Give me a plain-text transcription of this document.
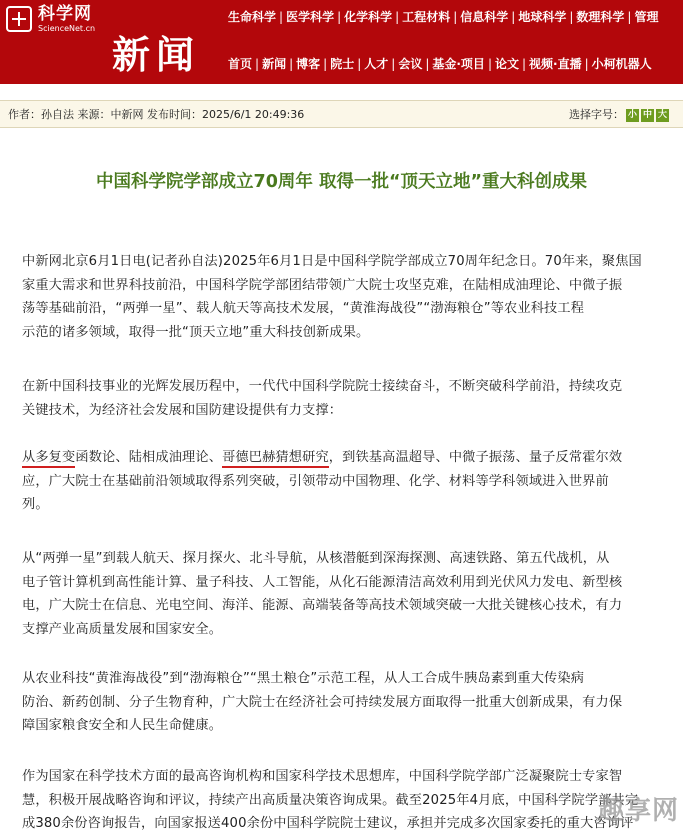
科学网
ScienceNet.cn
新闻
生命科学 | 医学科学 | 化学科学 | 工程材料 | 信息科学 | 地球科学 | 数理科学 | 管理
首页 | 新闻 | 博客 | 院士 | 人才 | 会议 | 基金·项目 | 论文 | 视频·直播 | 小柯机器人
作者：孙自法 来源：中新网 发布时间：2025/6/1 20:49:36	选择字号： 小 中 大
中国科学院学部成立70周年 取得一批“顶天立地”重大科创成果
中新网北京6月1日电(记者孙自法)2025年6月1日是中国科学院学部成立70周年纪念日。70年来，聚焦国
家重大需求和世界科技前沿，中国科学院学部团结带领广大院士攻坚克难，在陆相成油理论、中微子振
荡等基础前沿，“两弹一星”、载人航天等高技术发展，“黄淮海战役”“渤海粮仓”等农业科技工程
示范的诸多领域，取得一批“顶天立地”重大科技创新成果。
在新中国科技事业的光辉发展历程中，一代代中国科学院院士接续奋斗，不断突破科学前沿，持续攻克
关键技术，为经济社会发展和国防建设提供有力支撑：
从多复变函数论、陆相成油理论、哥德巴赫猜想研究，到铁基高温超导、中微子振荡、量子反常霍尔效
应，广大院士在基础前沿领域取得系列突破，引领带动中国物理、化学、材料等学科领域进入世界前
列。
从“两弹一星”到载人航天、探月探火、北斗导航，从核潜艇到深海探测、高速铁路、第五代战机，从
电子管计算机到高性能计算、量子科技、人工智能，从化石能源清洁高效利用到光伏风力发电、新型核
电，广大院士在信息、光电空间、海洋、能源、高端装备等高技术领域突破一大批关键核心技术，有力
支撑产业高质量发展和国家安全。
从农业科技“黄淮海战役”到“渤海粮仓”“黑土粮仓”示范工程，从人工合成牛胰岛素到重大传染病
防治、新药创制、分子生物育种，广大院士在经济社会可持续发展方面取得一批重大创新成果，有力保
障国家粮食安全和人民生命健康。
作为国家在科学技术方面的最高咨询机构和国家科学技术思想库，中国科学院学部广泛凝聚院士专家智
慧，积极开展战略咨询和评议，持续产出高质量决策咨询成果。截至2025年4月底，中国科学院学部共完
成380余份咨询报告，向国家报送400余份中国科学院院士建议，承担并完成多次国家委托的重大咨询评
趣享网
